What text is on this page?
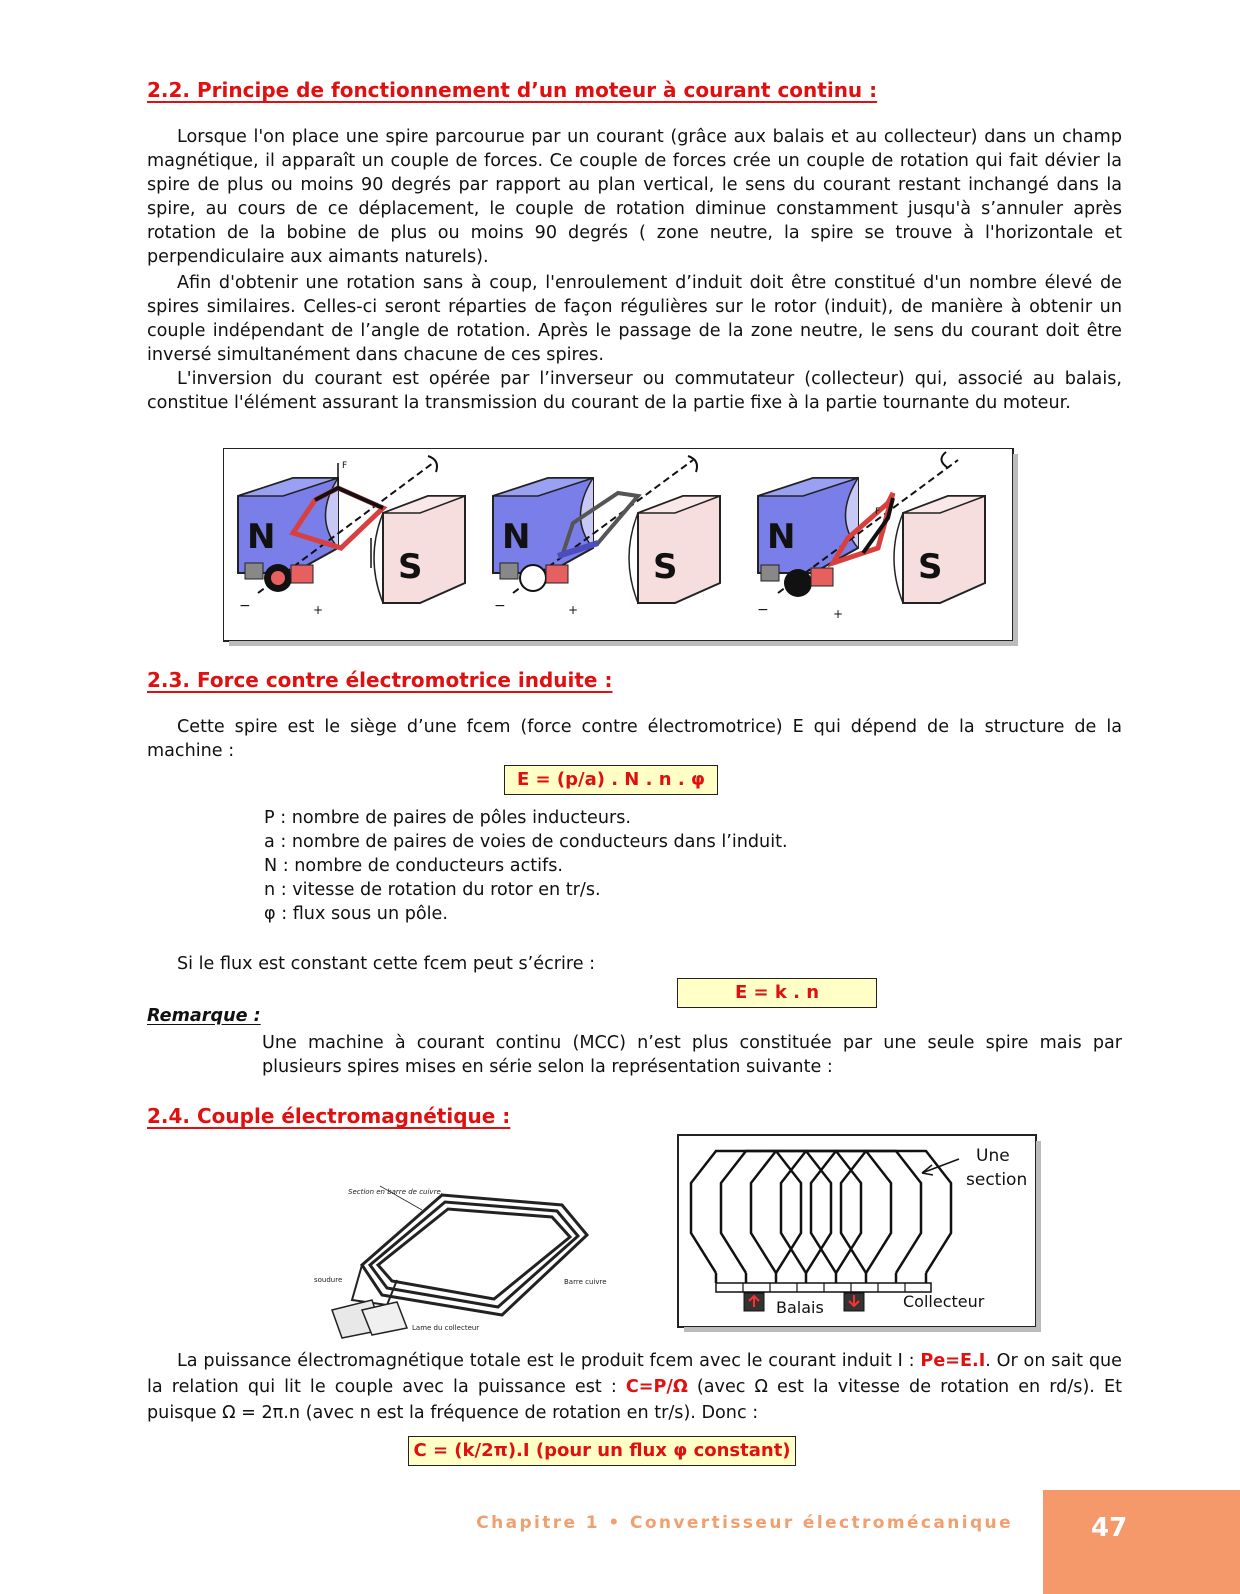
2.2. Principe de fonctionnement d’un moteur à courant continu :

Lorsque l'on place une spire parcourue par un courant (grâce aux balais et au collecteur) dans un champ magnétique, il apparaît un couple de forces. Ce couple de forces crée un couple de rotation qui fait dévier la spire de plus ou moins 90 degrés par rapport au plan vertical, le sens du courant restant inchangé dans la spire, au cours de ce déplacement, le couple de rotation diminue constamment jusqu'à s’annuler après rotation de la bobine de plus ou moins 90 degrés ( zone neutre, la spire se trouve à l'horizontale et perpendiculaire aux aimants naturels).

Afin d'obtenir une rotation sans à coup, l'enroulement d’induit doit être constitué d'un nombre élevé de spires similaires. Celles-ci seront réparties de façon régulières sur le rotor (induit), de manière à obtenir un couple indépendant de l’angle de rotation. Après le passage de la zone neutre, le sens du courant doit être inversé simultanément dans chacune de ces spires.

L'inversion du courant est opérée par l’inverseur ou commutateur (collecteur) qui, associé au balais, constitue l'élément assurant la transmission du courant de la partie fixe à la partie tournante du moteur.

N
S
F
−	+
N
S
−	+
N
S
F
−	+
2.3. Force contre électromotrice induite :

Cette spire est le siège d’une fcem (force contre électromotrice) E qui dépend de la structure de la machine :

E = (p/a) . N . n . φ
P : nombre de paires de pôles inducteurs.
a : nombre de paires de voies de conducteurs dans l’induit.
N : nombre de conducteurs actifs.
n : vitesse de rotation du rotor en tr/s.
φ : flux sous un pôle.

Si le flux est constant cette fcem peut s’écrire :

E = k . n
Remarque :

Une machine à courant continu (MCC) n’est plus constituée par une seule spire mais par plusieurs spires mises en série selon la représentation suivante :

2.4. Couple électromagnétique :
Section en barre de cuivre.
soudure	Barre cuivre
Lame du collecteur
Une
section
Balais	Collecteur

La puissance électromagnétique totale est le produit fcem avec le courant induit I : Pe=E.I. Or on sait que la relation qui lit le couple avec la puissance est : C=P/Ω (avec Ω est la vitesse de rotation en rd/s). Et puisque Ω = 2π.n (avec n est la fréquence de rotation en tr/s). Donc :

C = (k/2π).I (pour un flux φ constant)
Chapitre 1 • Convertisseur électromécanique	47
